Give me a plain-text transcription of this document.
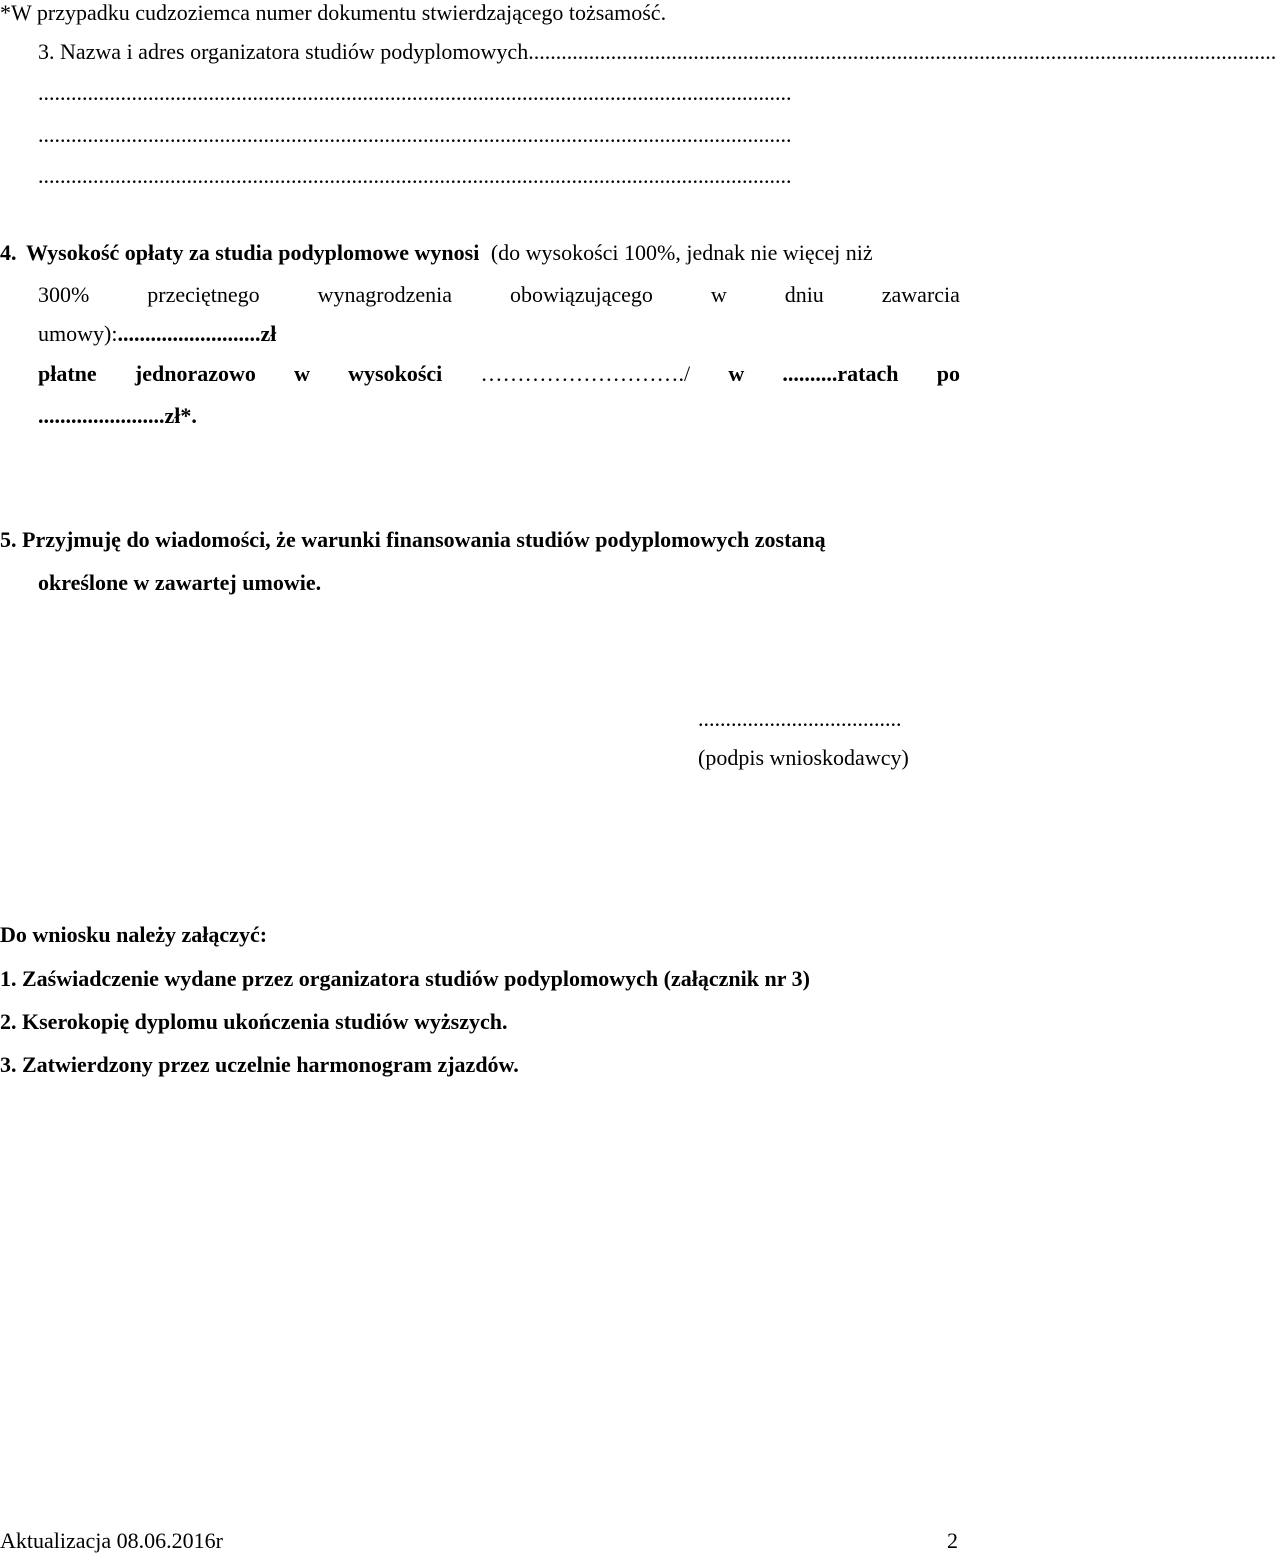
*W przypadku cudzoziemca numer dokumentu stwierdzającego tożsamość.
3. Nazwa i adres organizatora studiów podyplomowych........................................................................................................................................
.........................................................................................................................................
.........................................................................................................................................
.........................................................................................................................................
4. Wysokość opłaty za studia podyplomowe wynosi (do wysokości 100%, jednak nie więcej niż
300%	przeciętnego	wynagrodzenia	obowiązującego	w	dniu	zawarcia
umowy):..........................zł
płatne jednorazowo w wysokości ………………………./ w ..........ratach po
.......................zł*.
5. Przyjmuję do wiadomości, że warunki finansowania studiów podyplomowych zostaną
określone w zawartej umowie.
.....................................
(podpis wnioskodawcy)
Do wniosku należy załączyć:
1. Zaświadczenie wydane przez organizatora studiów podyplomowych (załącznik nr 3)
2. Kserokopię dyplomu ukończenia studiów wyższych.
3. Zatwierdzony przez uczelnie harmonogram zjazdów.
Aktualizacja 08.06.2016r	2
